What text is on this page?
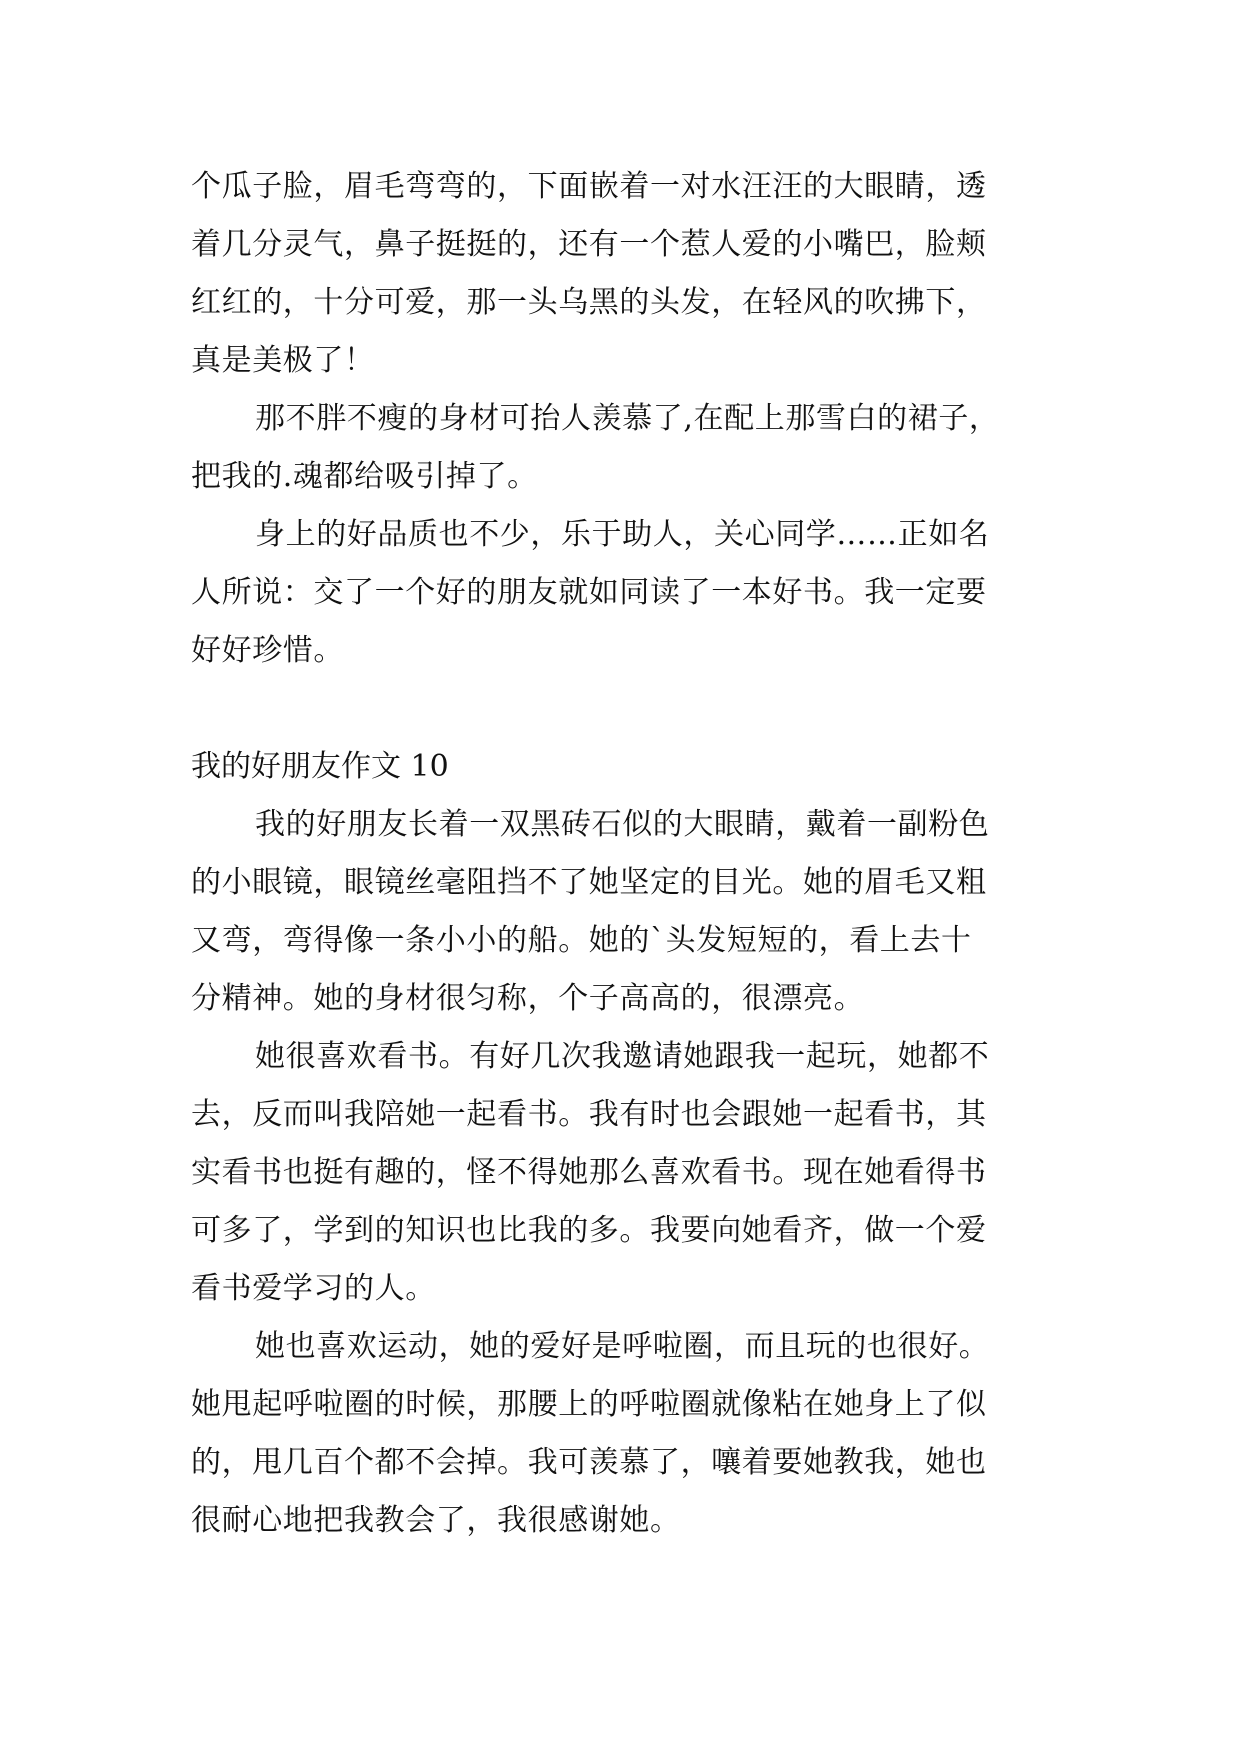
个瓜子脸，眉毛弯弯的，下面嵌着一对水汪汪的大眼睛，透
着几分灵气，鼻子挺挺的，还有一个惹人爱的小嘴巴，脸颊
红红的，十分可爱，那一头乌黑的头发，在轻风的吹拂下，
真是美极了！
那不胖不瘦的身材可抬人羡慕了,在配上那雪白的裙子，
把我的.魂都给吸引掉了。
身上的好品质也不少，乐于助人，关心同学……正如名
人所说：交了一个好的朋友就如同读了一本好书。我一定要
好好珍惜。
我的好朋友作文 10
我的好朋友长着一双黑砖石似的大眼睛，戴着一副粉色
的小眼镜，眼镜丝毫阻挡不了她坚定的目光。她的眉毛又粗
又弯，弯得像一条小小的船。她的`头发短短的，看上去十
分精神。她的身材很匀称，个子高高的，很漂亮。
她很喜欢看书。有好几次我邀请她跟我一起玩，她都不
去，反而叫我陪她一起看书。我有时也会跟她一起看书，其
实看书也挺有趣的，怪不得她那么喜欢看书。现在她看得书
可多了，学到的知识也比我的多。我要向她看齐，做一个爱
看书爱学习的人。
她也喜欢运动，她的爱好是呼啦圈，而且玩的也很好。
她甩起呼啦圈的时候，那腰上的呼啦圈就像粘在她身上了似
的，甩几百个都不会掉。我可羡慕了，嚷着要她教我，她也
很耐心地把我教会了，我很感谢她。
